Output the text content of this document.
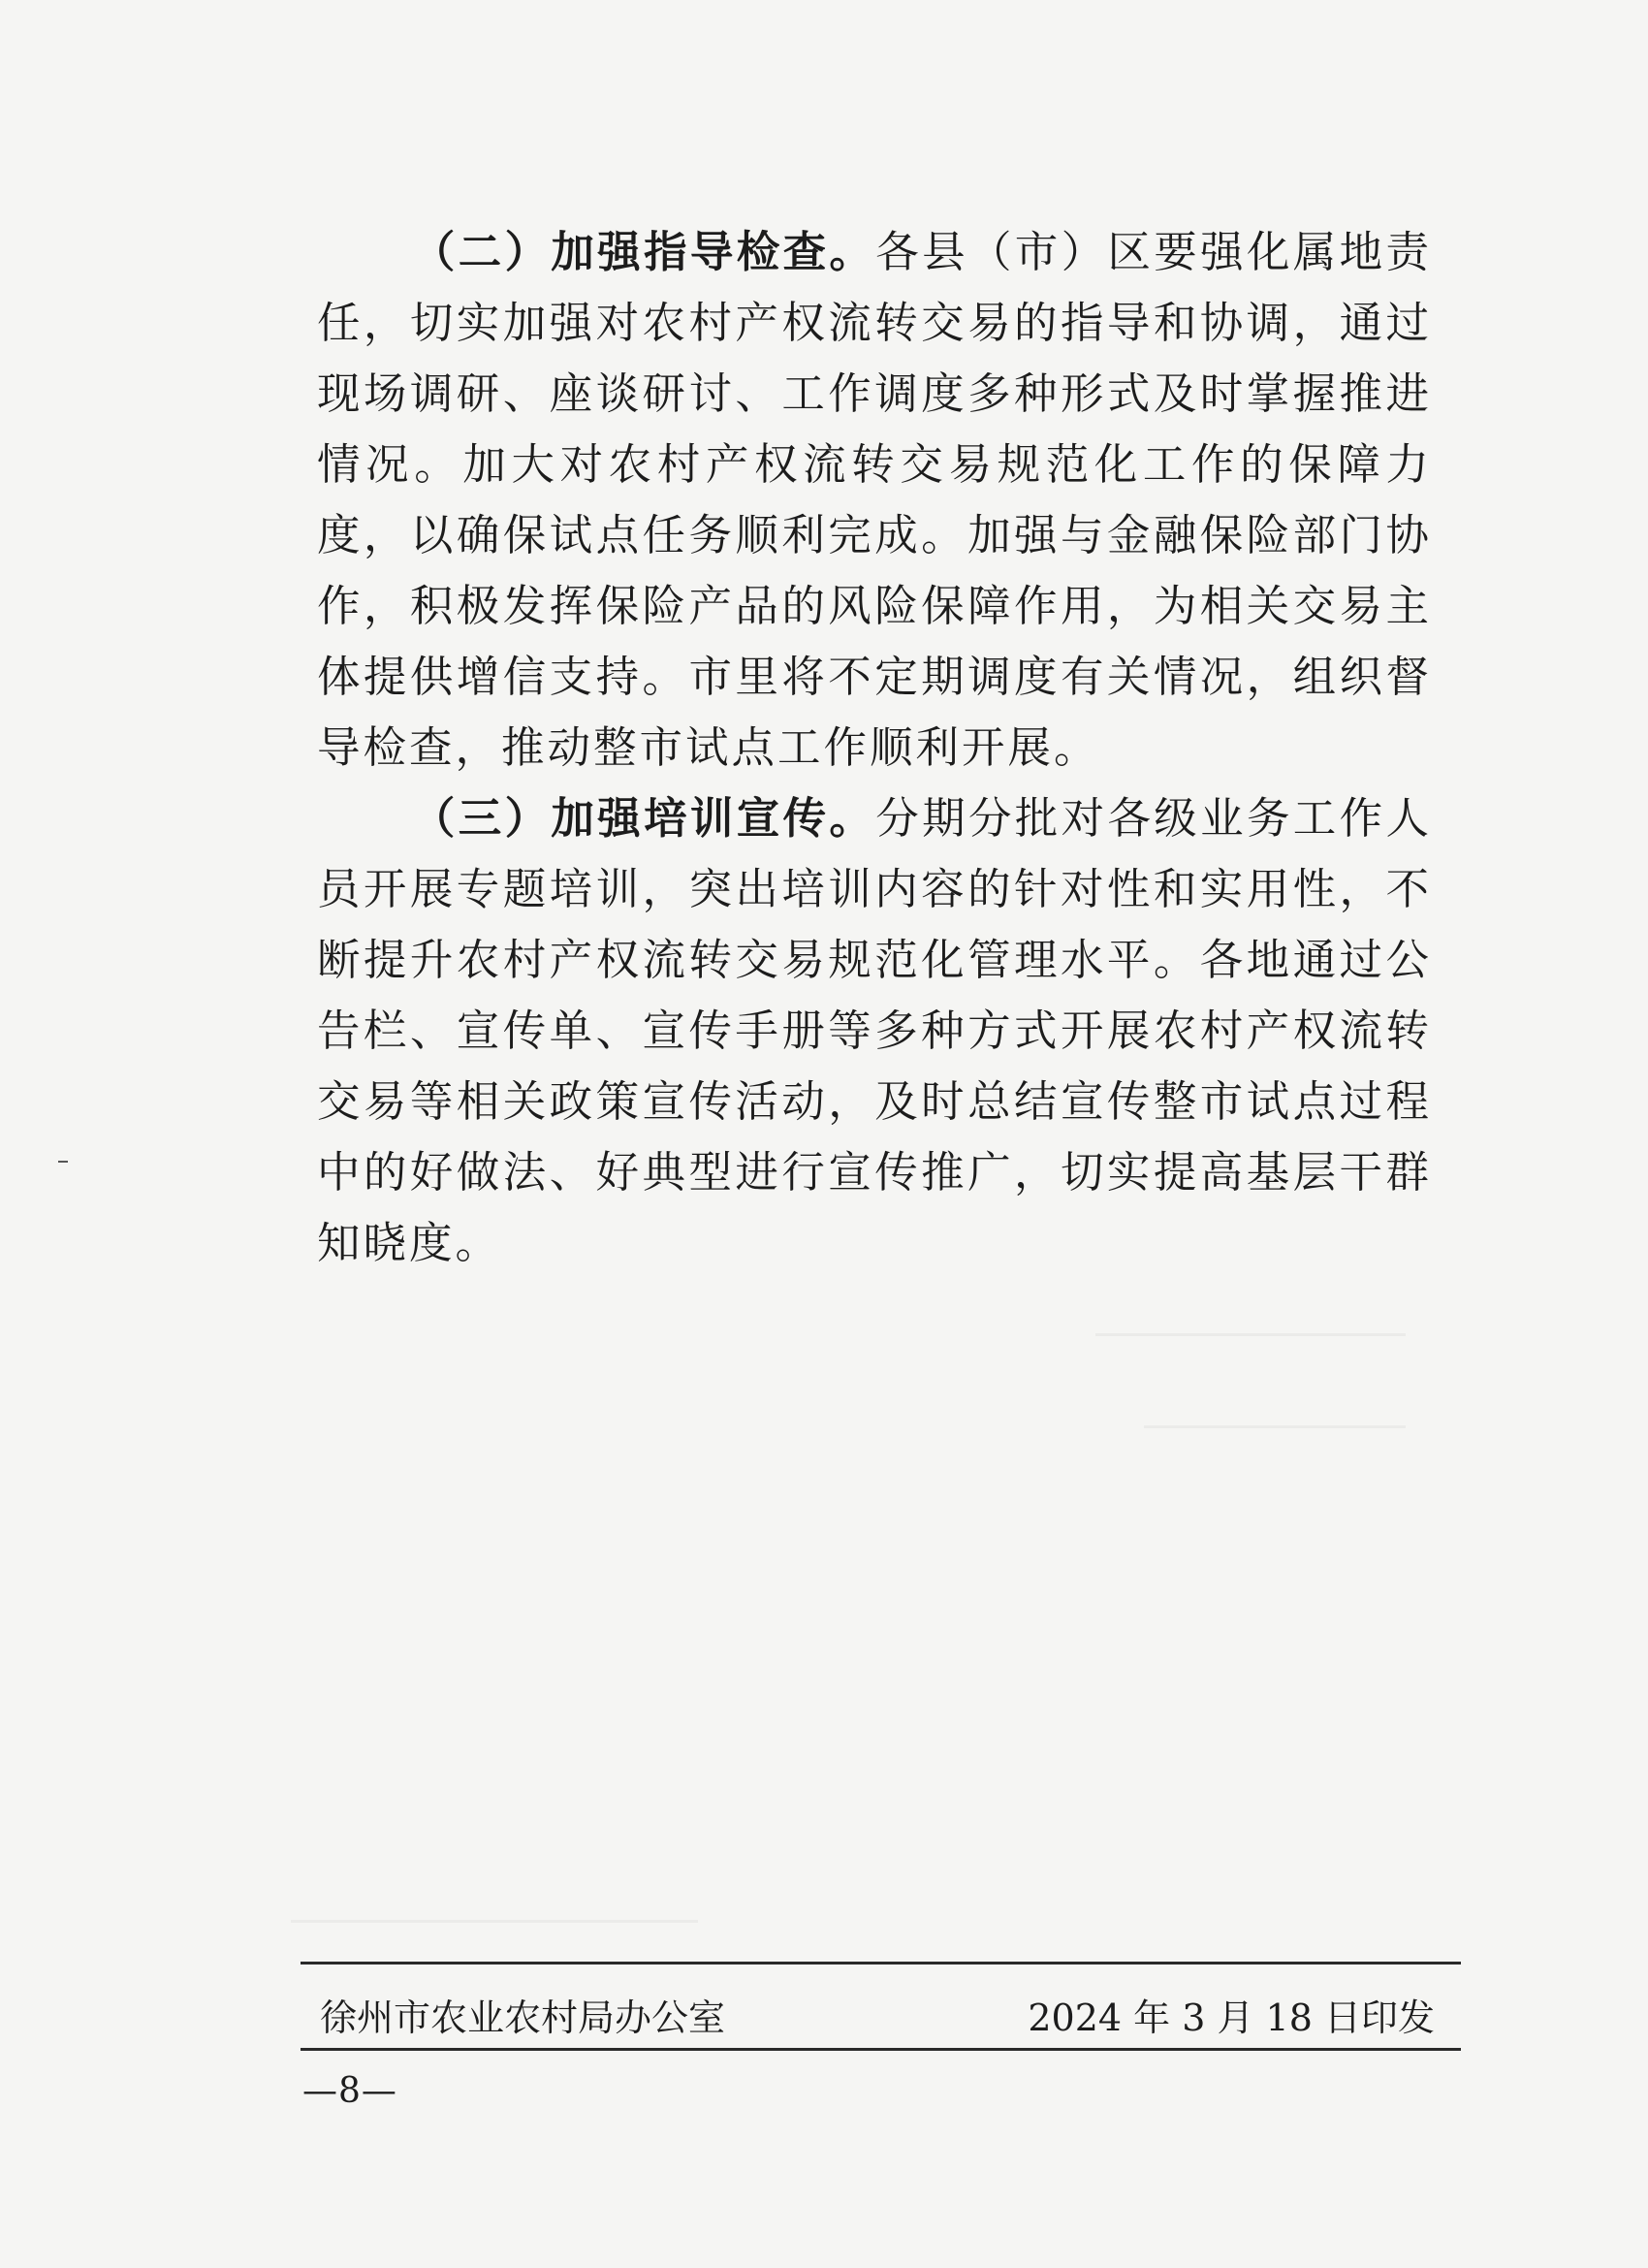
（二）加强指导检查。各县（市）区要强化属地责任，切实加强对农村产权流转交易的指导和协调，通过现场调研、座谈研讨、工作调度多种形式及时掌握推进情况。加大对农村产权流转交易规范化工作的保障力度，以确保试点任务顺利完成。加强与金融保险部门协作，积极发挥保险产品的风险保障作用，为相关交易主体提供增信支持。市里将不定期调度有关情况，组织督导检查，推动整市试点工作顺利开展。

（三）加强培训宣传。分期分批对各级业务工作人员开展专题培训，突出培训内容的针对性和实用性，不断提升农村产权流转交易规范化管理水平。各地通过公告栏、宣传单、宣传手册等多种方式开展农村产权流转交易等相关政策宣传活动，及时总结宣传整市试点过程中的好做法、好典型进行宣传推广，切实提高基层干群知晓度。

徐州市农业农村局办公室	2024 年 3 月 18 日印发
—8—
